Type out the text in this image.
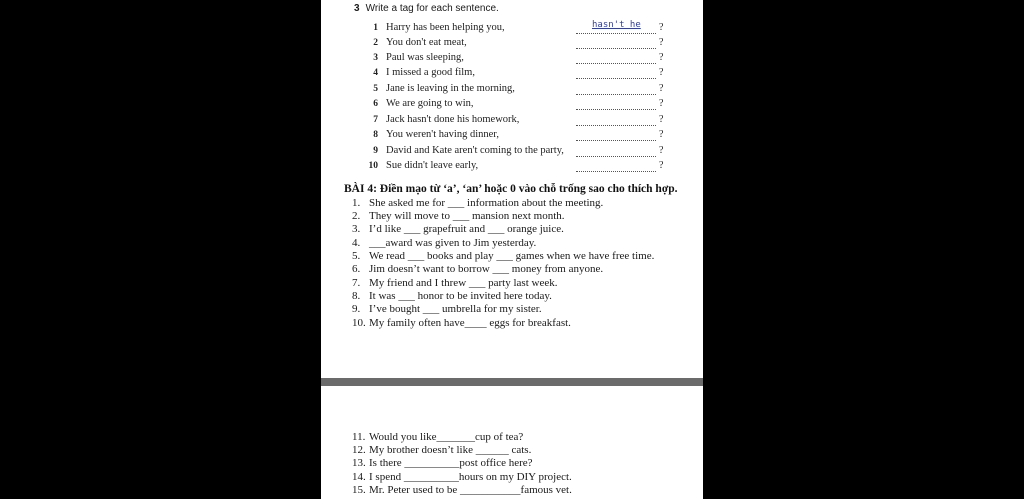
3 Write a tag for each sentence.
1 Harry has been helping you,	hasn't he ?
2 You don't eat meat,	?
3 Paul was sleeping,	?
4 I missed a good film,	?
5 Jane is leaving in the morning,	?
6 We are going to win,	?
7 Jack hasn't done his homework,	?
8 You weren't having dinner,	?
9 David and Kate aren't coming to the party,	?
10 Sue didn't leave early,	?
BÀI 4: Điền mạo từ ‘a’, ‘an’ hoặc 0 vào chỗ trống sao cho thích hợp.
1. She asked me for ___ information about the meeting.
2. They will move to ___ mansion next month.
3. I’d like ___ grapefruit and ___ orange juice.
4. ___award was given to Jim yesterday.
5. We read ___ books and play ___ games when we have free time.
6. Jim doesn’t want to borrow ___ money from anyone.
7. My friend and I threw ___ party last week.
8. It was ___ honor to be invited here today.
9. I’ve bought ___ umbrella for my sister.
10. My family often have____ eggs for breakfast.
11. Would you like_______cup of tea?
12. My brother doesn’t like ______ cats.
13. Is there __________post office here?
14. I spend __________hours on my DIY project.
15. Mr. Peter used to be ___________famous vet.
